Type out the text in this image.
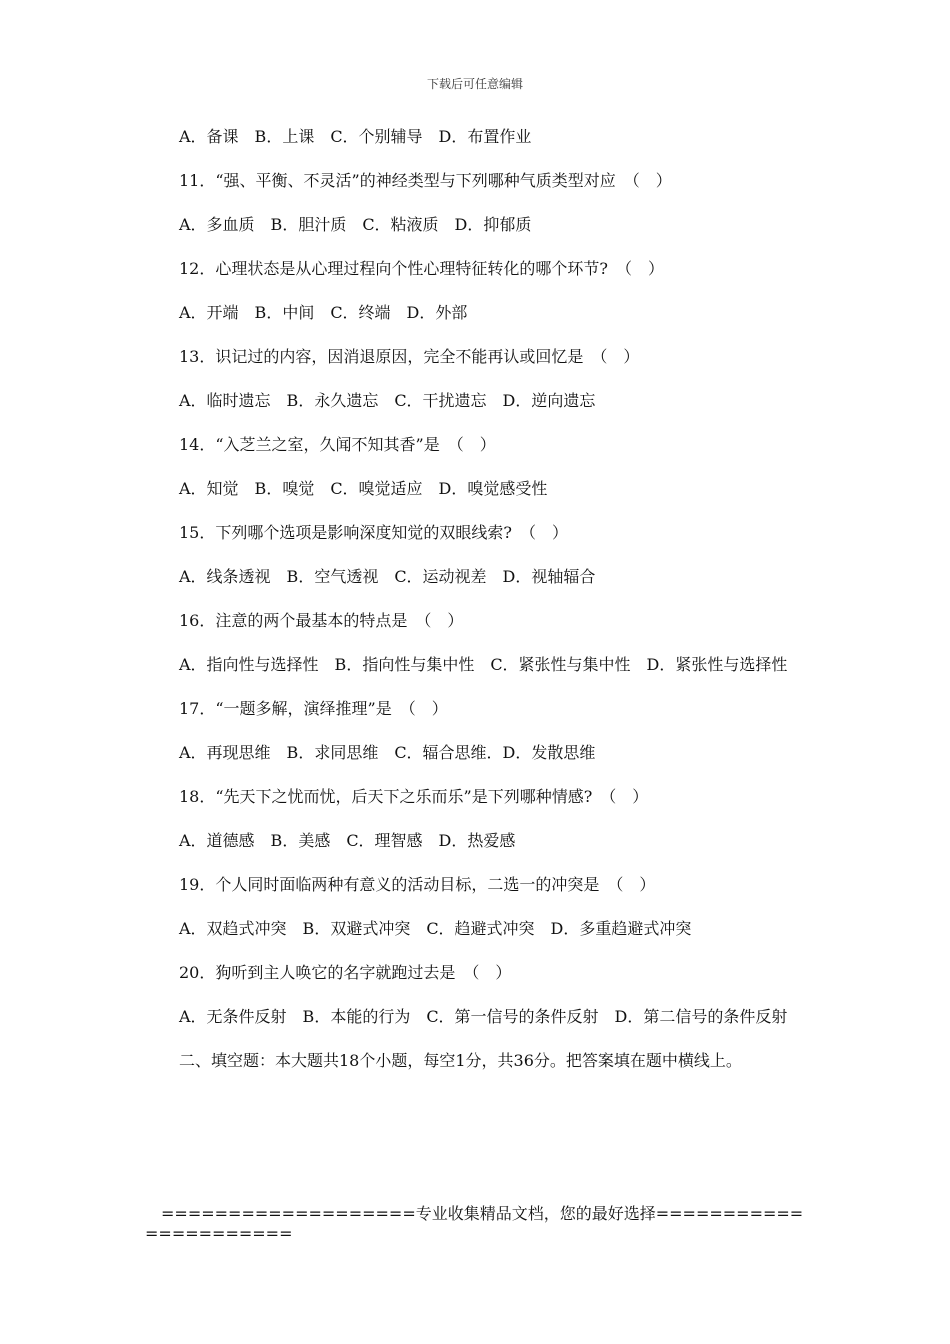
下载后可任意编辑

A．备课　B．上课　C．个别辅导　D．布置作业

11．“强、平衡、不灵活”的神经类型与下列哪种气质类型对应　（　）

A．多血质　B．胆汁质　C．粘液质　D．抑郁质

12．心理状态是从心理过程向个性心理特征转化的哪个环节?　（　）

A．开端　B．中间　C．终端　D．外部

13．识记过的内容，因消退原因，完全不能再认或回忆是　（　）

A．临时遗忘　B．永久遗忘　C．干扰遗忘　D．逆向遗忘

14．“入芝兰之室，久闻不知其香”是　（　）

A．知觉　B．嗅觉　C．嗅觉适应　D．嗅觉感受性

15．下列哪个选项是影响深度知觉的双眼线索?　（　）

A．线条透视　B．空气透视　C．运动视差　D．视轴辐合

16．注意的两个最基本的特点是　（　）

A．指向性与选择性　B．指向性与集中性　C．紧张性与集中性　D．紧张性与选择性

17．“一题多解，演绎推理”是　（　）

A．再现思维　B．求同思维　C．辐合思维．D．发散思维

18．“先天下之忧而忧，后天下之乐而乐”是下列哪种情感?　（　）

A．道德感　B．美感　C．理智感　D．热爱感

19．个人同时面临两种有意义的活动目标，二选一的冲突是　（　）

A．双趋式冲突　B．双避式冲突　C．趋避式冲突　D．多重趋避式冲突

20．狗听到主人唤它的名字就跑过去是　（　）

A．无条件反射　B．本能的行为　C．第一信号的条件反射　D．第二信号的条件反射

二、填空题：本大题共18个小题，每空1分，共36分。把答案填在题中横线上。

===================专业收集精品文档，您的最好选择======================
